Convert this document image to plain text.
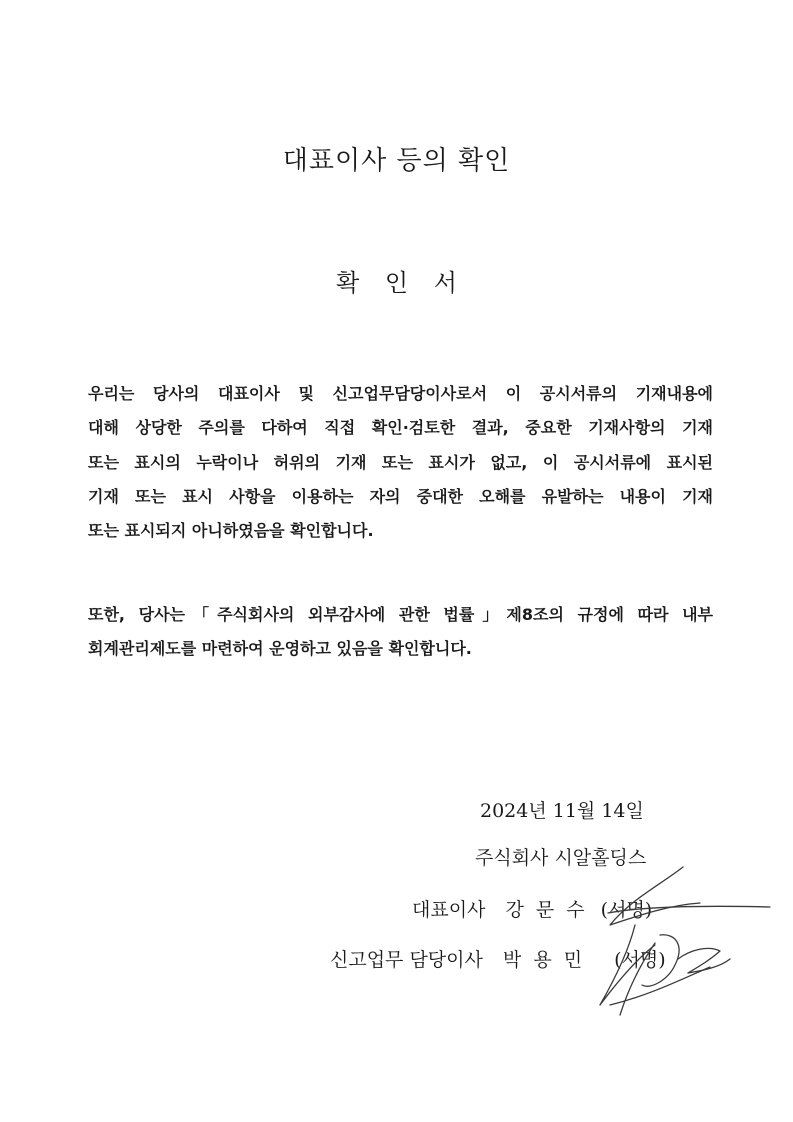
대표이사 등의 확인
확 인 서
우리는 당사의 대표이사 및 신고업무담당이사로서 이 공시서류의 기재내용에
대해 상당한 주의를 다하여 직접 확인·검토한 결과, 중요한 기재사항의 기재
또는 표시의 누락이나 허위의 기재 또는 표시가 없고, 이 공시서류에 표시된
기재 또는 표시 사항을 이용하는 자의 중대한 오해를 유발하는 내용이 기재
또는 표시되지 아니하였음을 확인합니다.
또한, 당사는「주식회사의 외부감사에 관한 법률」제8조의 규정에 따라 내부
회계관리제도를 마련하여 운영하고 있음을 확인합니다.
2024년 11월 14일
주식회사 시알홀딩스
대표이사 강 문 수 (서명)
신고업무 담당이사 박 용 민 (서명)
